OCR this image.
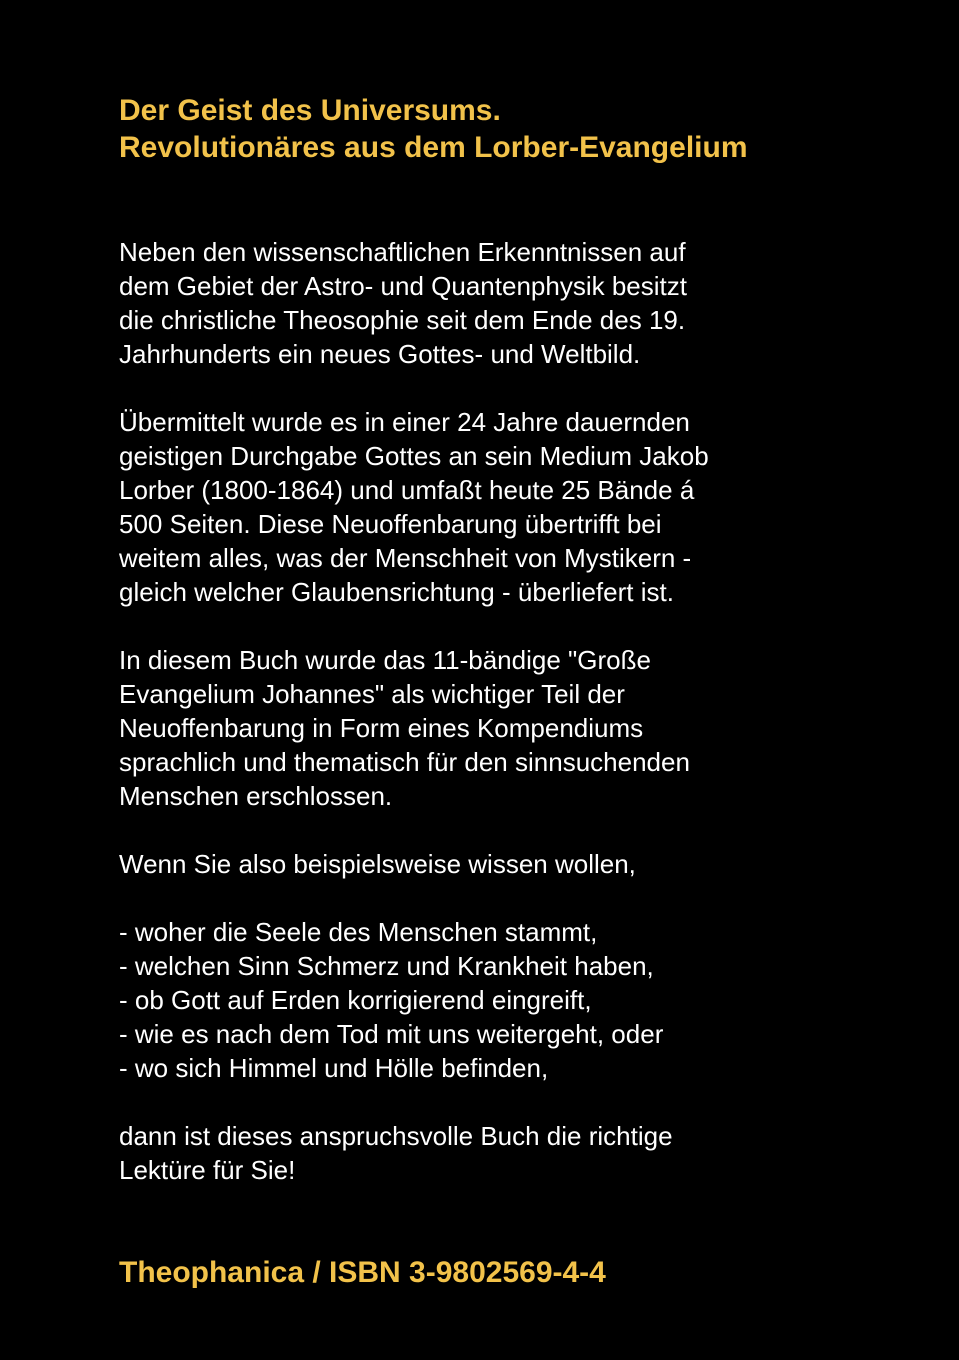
Der Geist des Universums.
Revolutionäres aus dem Lorber-Evangelium
Neben den wissenschaftlichen Erkenntnissen auf
dem Gebiet der Astro- und Quantenphysik besitzt
die christliche Theosophie seit dem Ende des 19.
Jahrhunderts ein neues Gottes- und Weltbild.
Übermittelt wurde es in einer 24 Jahre dauernden
geistigen Durchgabe Gottes an sein Medium Jakob
Lorber (1800-1864) und umfaßt heute 25 Bände á
500 Seiten. Diese Neuoffenbarung übertrifft bei
weitem alles, was der Menschheit von Mystikern -
gleich welcher Glaubensrichtung - überliefert ist.
In diesem Buch wurde das 11-bändige "Große
Evangelium Johannes" als wichtiger Teil der
Neuoffenbarung in Form eines Kompendiums
sprachlich und thematisch für den sinnsuchenden
Menschen erschlossen.
Wenn Sie also beispielsweise wissen wollen,
- woher die Seele des Menschen stammt,
- welchen Sinn Schmerz und Krankheit haben,
- ob Gott auf Erden korrigierend eingreift,
- wie es nach dem Tod mit uns weitergeht, oder
- wo sich Himmel und Hölle befinden,
dann ist dieses anspruchsvolle Buch die richtige
Lektüre für Sie!
Theophanica / ISBN 3-9802569-4-4
